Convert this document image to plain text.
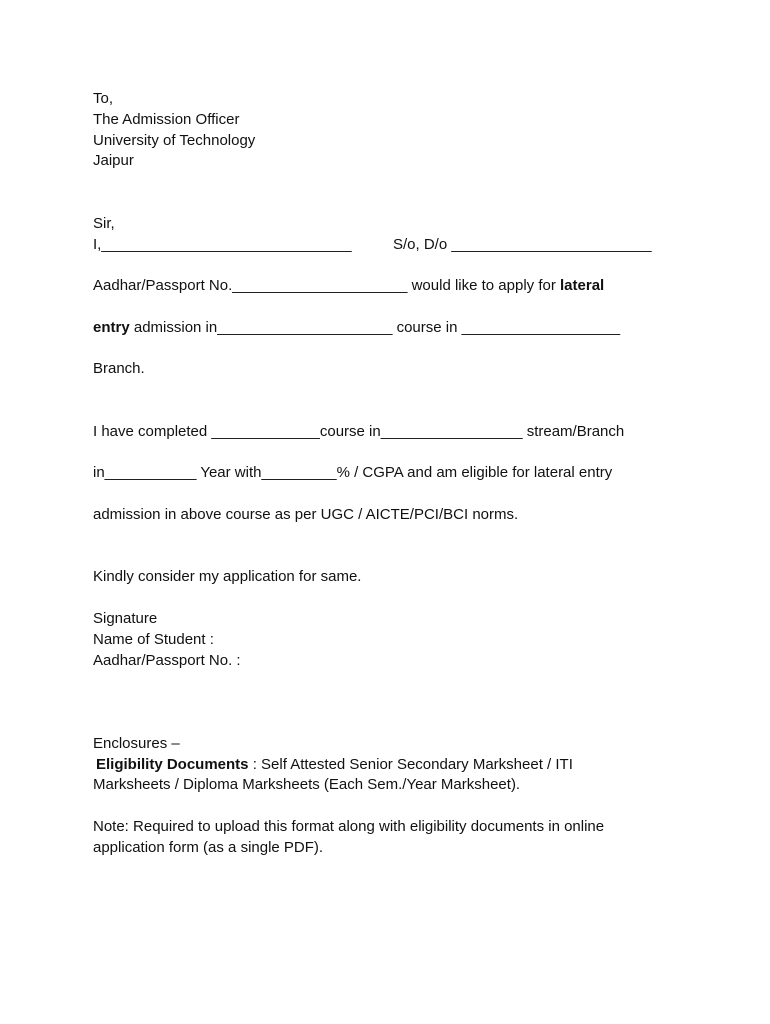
To,
The Admission Officer
University of Technology
Jaipur
Sir,
I,______________________________	S/o, D/o ________________________
Aadhar/Passport No._____________________ would like to apply for lateral
entry admission in_____________________ course in ___________________
Branch.
I have completed _____________course in_________________ stream/Branch
in___________ Year with_________% / CGPA and am eligible for lateral entry
admission in above course as per UGC / AICTE/PCI/BCI norms.
Kindly consider my application for same.
Signature
Name of Student :
Aadhar/Passport No. :
Enclosures –
Eligibility Documents : Self Attested Senior Secondary Marksheet / ITI
Marksheets / Diploma Marksheets (Each Sem./Year Marksheet).
Note: Required to upload this format along with eligibility documents in online
application form (as a single PDF).
